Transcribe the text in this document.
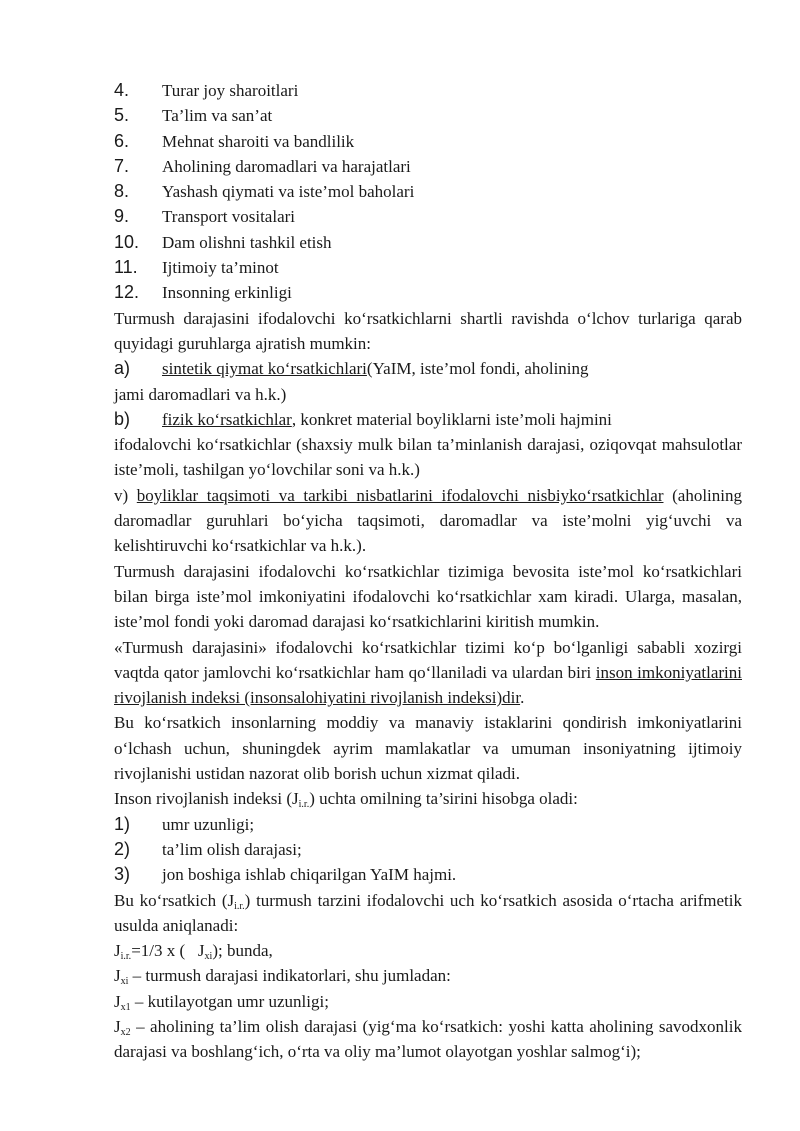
4.	Turar joy sharoitlari
5.	Ta’lim va san’at
6.	Mehnat sharoiti va bandlilik
7.	Aholining daromadlari va harajatlari
8.	Yashash qiymati va iste’mol baholari
9.	Transport vositalari
10.	Dam olishni tashkil etish
11.	Ijtimoiy ta’minot
12.	Insonning erkinligi

Turmush darajasini ifodalovchi koʻrsatkichlarni shartli ravishda oʻlchov turlariga qarab quyidagi guruhlarga ajratish mumkin:

a)	sintetik qiymat koʻrsatkichlari (YaIM, iste’mol fondi, aholining

jami daromadlari va h.k.)

b)	fizik koʻrsatkichlar , konkret material boyliklarni iste’moli hajmini

ifodalovchi koʻrsatkichlar (shaxsiy mulk bilan ta’minlanish darajasi, oziqovqat mahsulotlar iste’moli, tashilgan yoʻlovchilar soni va h.k.)

v) boyliklar taqsimoti va tarkibi nisbatlarini ifodalovchi nisbiykoʻrsatkichlar (aholining daromadlar guruhlari boʻyicha taqsimoti, daromadlar va iste’molni yigʻuvchi va kelishtiruvchi koʻrsatkichlar va h.k.).

Turmush darajasini ifodalovchi koʻrsatkichlar tizimiga bevosita iste’mol koʻrsatkichlari bilan birga iste’mol imkoniyatini ifodalovchi koʻrsatkichlar xam kiradi. Ularga, masalan, iste’mol fondi yoki daromad darajasi koʻrsatkichlarini kiritish mumkin.

«Turmush darajasini» ifodalovchi koʻrsatkichlar tizimi koʻp boʻlganligi sababli xozirgi vaqtda qator jamlovchi koʻrsatkichlar ham qoʻllaniladi va ulardan biri inson imkoniyatlarini rivojlanish indeksi (insonsalohiyatini rivojlanish indeksi)dir.

Bu koʻrsatkich insonlarning moddiy va manaviy istaklarini qondirish imkoniyatlarini oʻlchash uchun, shuningdek ayrim mamlakatlar va umuman insoniyatning ijtimoiy rivojlanishi ustidan nazorat olib borish uchun xizmat qiladi.

Inson rivojlanish indeksi $(J_{i.r.})$ uchta omilning ta’sirini hisobga oladi:

1)	umr uzunligi;
2)	ta’lim olish darajasi;
3)	jon boshiga ishlab chiqarilgan YaIM hajmi.

Bu koʻrsatkich $(J_{i.r.})$ turmush tarzini ifodalovchi uch koʻrsatkich asosida oʻrtacha arifmetik usulda aniqlanadi:

$J_{i.r.}=1/3$ x (   $J_{xi}$); bunda,

$J_{xi}$ – turmush darajasi indikatorlari, shu jumladan:

$J_{x1}$ – kutilayotgan umr uzunligi;

$J_{x2}$ – aholining ta’lim olish darajasi (yigʻma koʻrsatkich: yoshi katta aholining savodxonlik darajasi va boshlangʻich, oʻrta va oliy ma’lumot olayotgan yoshlar salmogʻi);
